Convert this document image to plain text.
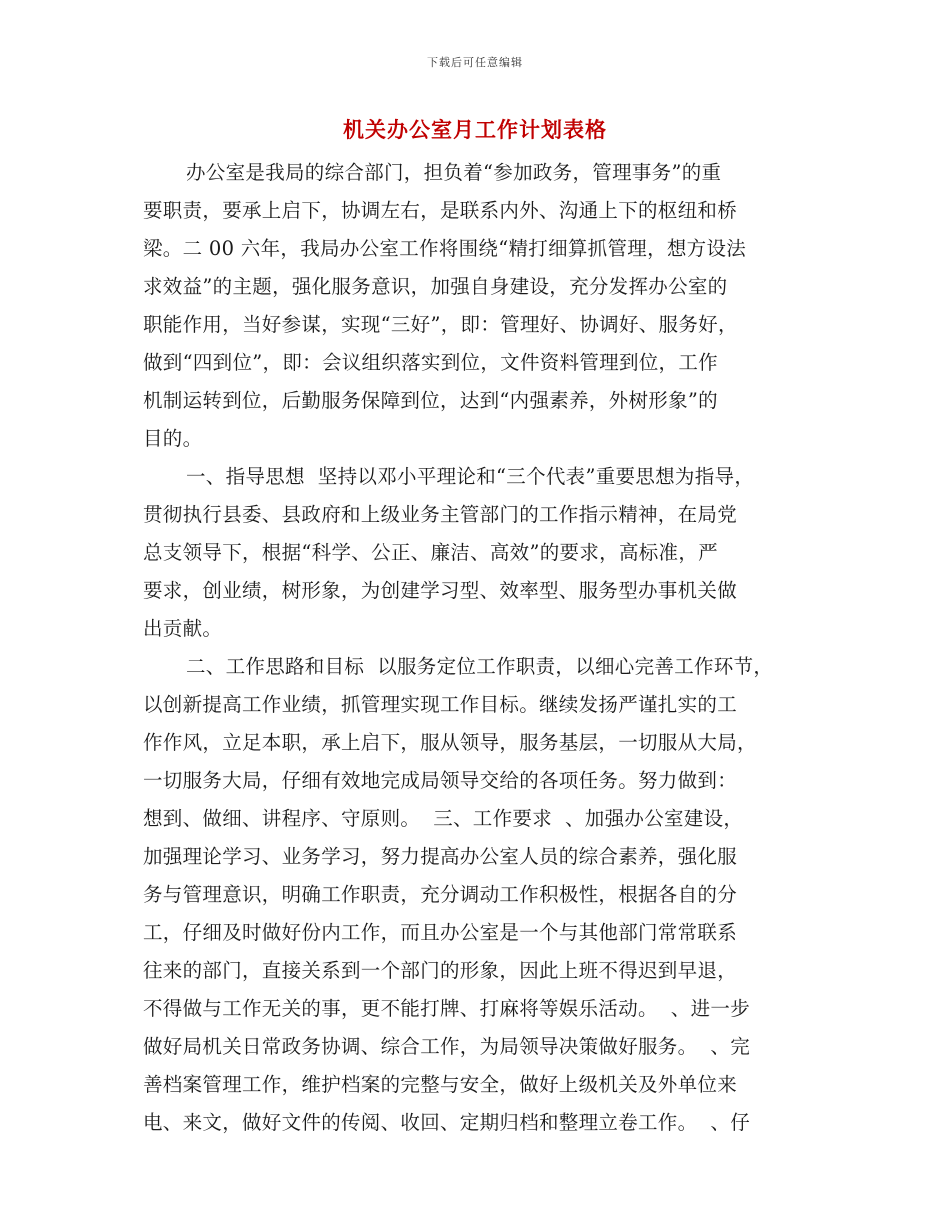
下载后可任意编辑
机关办公室月工作计划表格
办公室是我局的综合部门，担负着“参加政务，管理事务”的重
要职责，要承上启下，协调左右，是联系内外、沟通上下的枢纽和桥
梁。二 00 六年，我局办公室工作将围绕“精打细算抓管理，想方设法
求效益”的主题，强化服务意识，加强自身建设，充分发挥办公室的
职能作用，当好参谋，实现“三好”，即：管理好、协调好、服务好，
做到“四到位”，即：会议组织落实到位，文件资料管理到位，工作
机制运转到位，后勤服务保障到位，达到“内强素养，外树形象”的
目的。
一、指导思想  坚持以邓小平理论和“三个代表”重要思想为指导，
贯彻执行县委、县政府和上级业务主管部门的工作指示精神，在局党
总支领导下，根据“科学、公正、廉洁、高效”的要求，高标准，严
要求，创业绩，树形象，为创建学习型、效率型、服务型办事机关做
出贡献。
二、工作思路和目标  以服务定位工作职责，以细心完善工作环节，
以创新提高工作业绩，抓管理实现工作目标。继续发扬严谨扎实的工
作作风，立足本职，承上启下，服从领导，服务基层，一切服从大局，
一切服务大局，仔细有效地完成局领导交给的各项任务。努力做到：
想到、做细、讲程序、守原则。  三、工作要求  、加强办公室建设，
加强理论学习、业务学习，努力提高办公室人员的综合素养，强化服
务与管理意识，明确工作职责，充分调动工作积极性，根据各自的分
工，仔细及时做好份内工作，而且办公室是一个与其他部门常常联系
往来的部门，直接关系到一个部门的形象，因此上班不得迟到早退，
不得做与工作无关的事，更不能打牌、打麻将等娱乐活动。  、进一步
做好局机关日常政务协调、综合工作，为局领导决策做好服务。  、完
善档案管理工作，维护档案的完整与安全，做好上级机关及外单位来
电、来文，做好文件的传阅、收回、定期归档和整理立卷工作。  、仔
